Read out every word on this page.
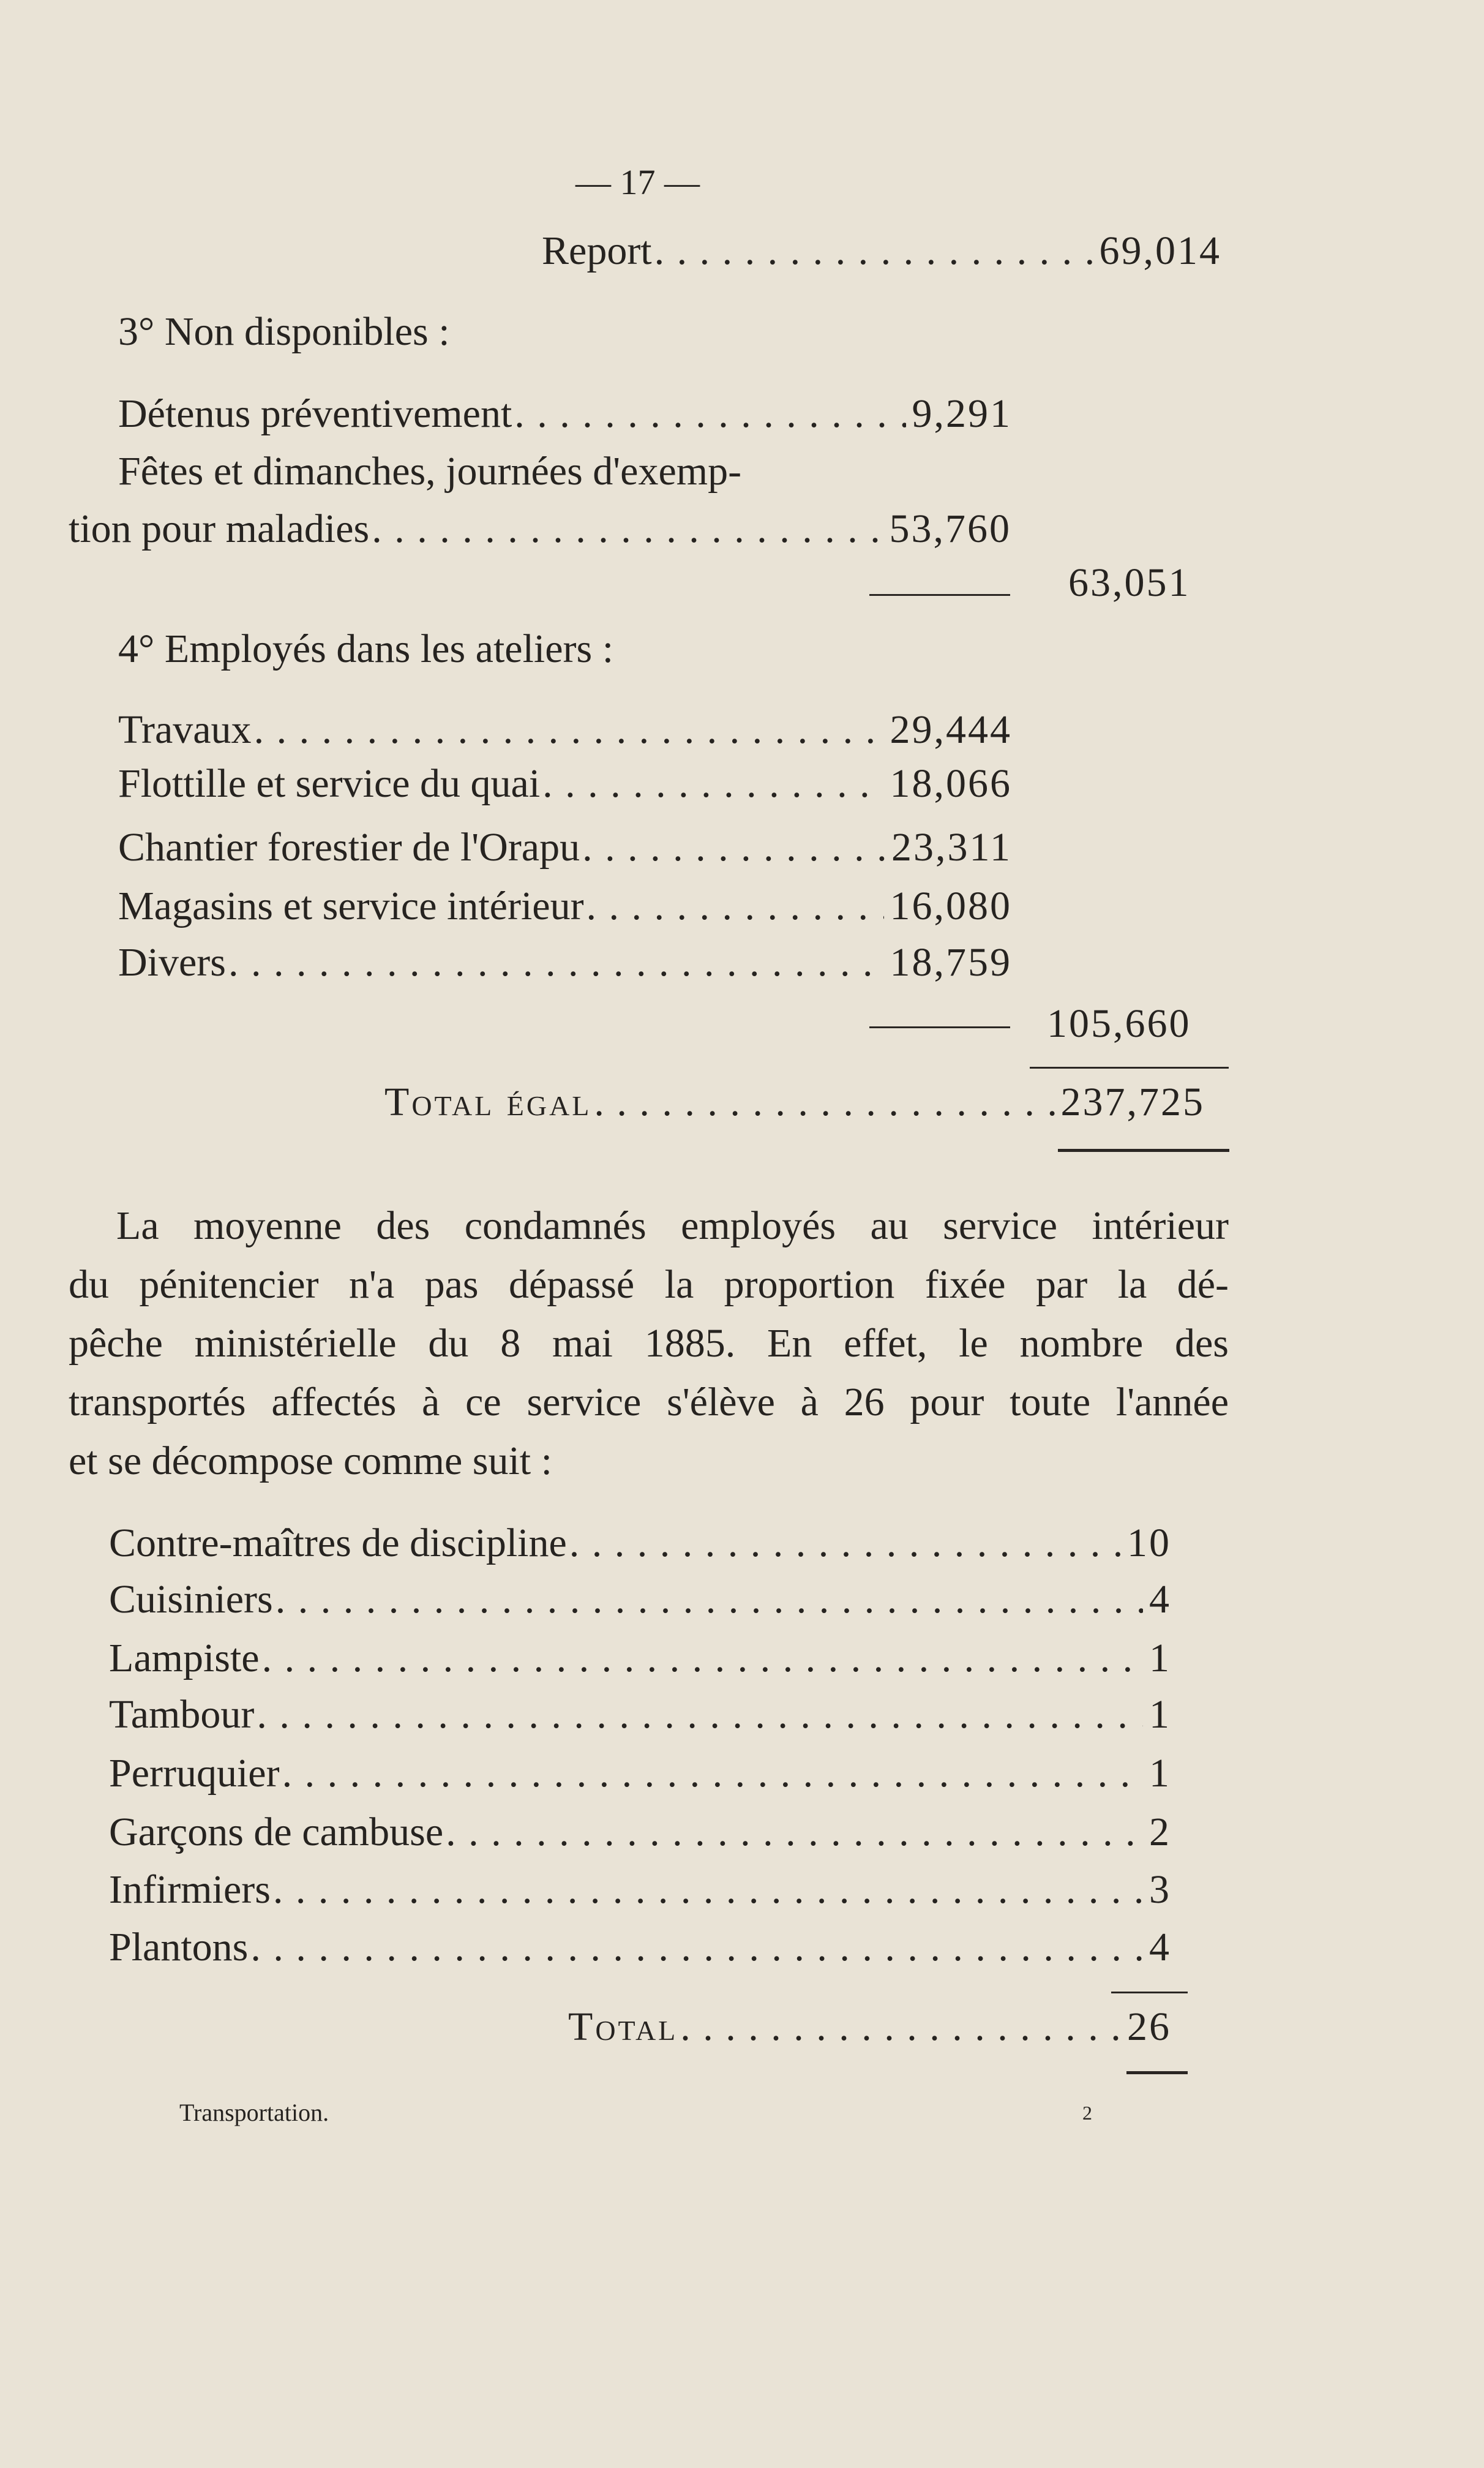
— 17 —
Report . . .	69,014
3° Non disponibles :
Détenus préventivement . . .	9,291
Fêtes et dimanches, journées d'exemp-
tion pour maladies . . .	53,760
63,051
4° Employés dans les ateliers :
Travaux . . .	29,444
Flottille et service du quai . . .	18,066
Chantier forestier de l'Orapu . . .	23,311
Magasins et service intérieur . . .	16,080
Divers . . .	18,759
105,660
Total égal . . .	237,725
La moyenne des condamnés employés au service intérieur
du pénitencier n'a pas dépassé la proportion fixée par la dé-
pêche ministérielle du 8 mai 1885. En effet, le nombre des
transportés affectés à ce service s'élève à 26 pour toute l'année
et se décompose comme suit :
Contre-maîtres de discipline . . .	10
Cuisiniers . . .	4
Lampiste . . .	1
Tambour . . .	1
Perruquier . . .	1
Garçons de cambuse . . .	2
Infirmiers . . .	3
Plantons . . .	4
Total . . .	26
Transportation.	2
